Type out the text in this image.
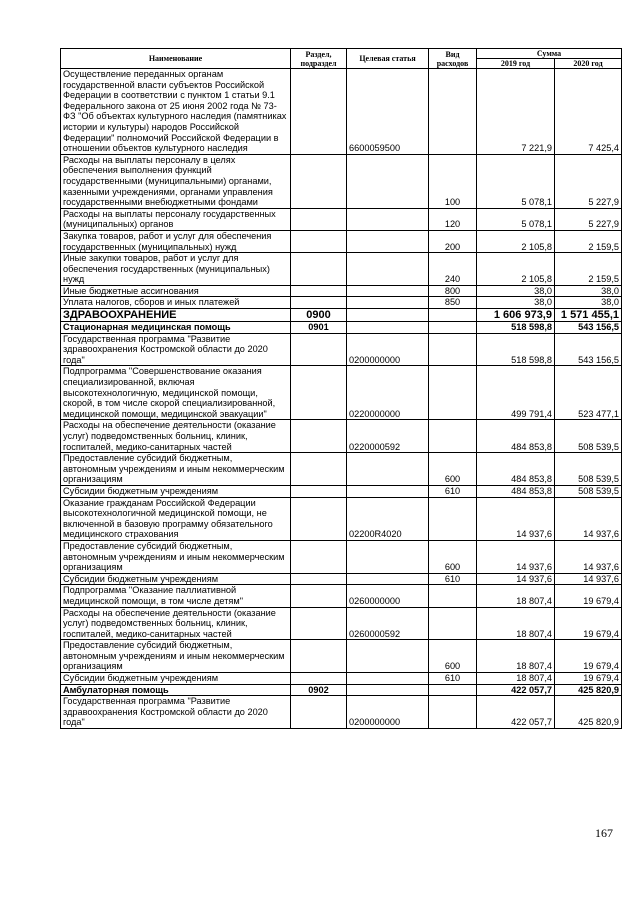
Наименование	Раздел, подраздел	Целевая статья	Вид расходов	Сумма	
				2019 год	2020 год
Осуществление переданных органам государственной власти субъектов Российской Федерации в соответствии с пунктом 1 статьи 9.1 Федерального закона от 25 июня 2002 года № 73-ФЗ "Об объектах культурного наследия (памятниках истории и культуры) народов Российской Федерации" полномочий Российской Федерации в отношении объектов культурного наследия		6600059500		7 221,9	7 425,4
Расходы на выплаты персоналу в целях обеспечения выполнения функций государственными (муниципальными) органами, казенными учреждениями, органами управления государственными внебюджетными фондами			100	5 078,1	5 227,9
Расходы на выплаты персоналу государственных (муниципальных) органов			120	5 078,1	5 227,9
Закупка товаров, работ и услуг для обеспечения государственных (муниципальных) нужд			200	2 105,8	2 159,5
Иные закупки товаров, работ и услуг для обеспечения государственных (муниципальных) нужд			240	2 105,8	2 159,5
Иные бюджетные ассигнования			800	38,0	38,0
Уплата налогов, сборов и иных платежей			850	38,0	38,0
ЗДРАВООХРАНЕНИЕ	0900			1 606 973,9	1 571 455,1
Стационарная медицинская помощь	0901			518 598,8	543 156,5
Государственная программа "Развитие здравоохранения Костромской области до 2020 года"		0200000000		518 598,8	543 156,5
Подпрограмма "Совершенствование оказания специализированной, включая высокотехнологичную, медицинской помощи, скорой, в том числе скорой специализированной, медицинской помощи, медицинской эвакуации"		0220000000		499 791,4	523 477,1
Расходы на обеспечение деятельности (оказание услуг) подведомственных больниц, клиник, госпиталей, медико-санитарных частей		0220000592		484 853,8	508 539,5
Предоставление субсидий бюджетным, автономным учреждениям и иным некоммерческим организациям			600	484 853,8	508 539,5
Субсидии бюджетным учреждениям			610	484 853,8	508 539,5
Оказание гражданам Российской Федерации высокотехнологичной медицинской помощи, не включенной в базовую программу обязательного медицинского страхования		02200R4020		14 937,6	14 937,6
Предоставление субсидий бюджетным, автономным учреждениям и иным некоммерческим организациям			600	14 937,6	14 937,6
Субсидии бюджетным учреждениям			610	14 937,6	14 937,6
Подпрограмма "Оказание паллиативной медицинской помощи, в том числе детям"		0260000000		18 807,4	19 679,4
Расходы на обеспечение деятельности (оказание услуг) подведомственных больниц, клиник, госпиталей, медико-санитарных частей		0260000592		18 807,4	19 679,4
Предоставление субсидий бюджетным, автономным учреждениям и иным некоммерческим организациям			600	18 807,4	19 679,4
Субсидии бюджетным учреждениям			610	18 807,4	19 679,4
Амбулаторная помощь	0902			422 057,7	425 820,9
Государственная программа "Развитие здравоохранения Костромской области до 2020 года"		0200000000		422 057,7	425 820,9
167
